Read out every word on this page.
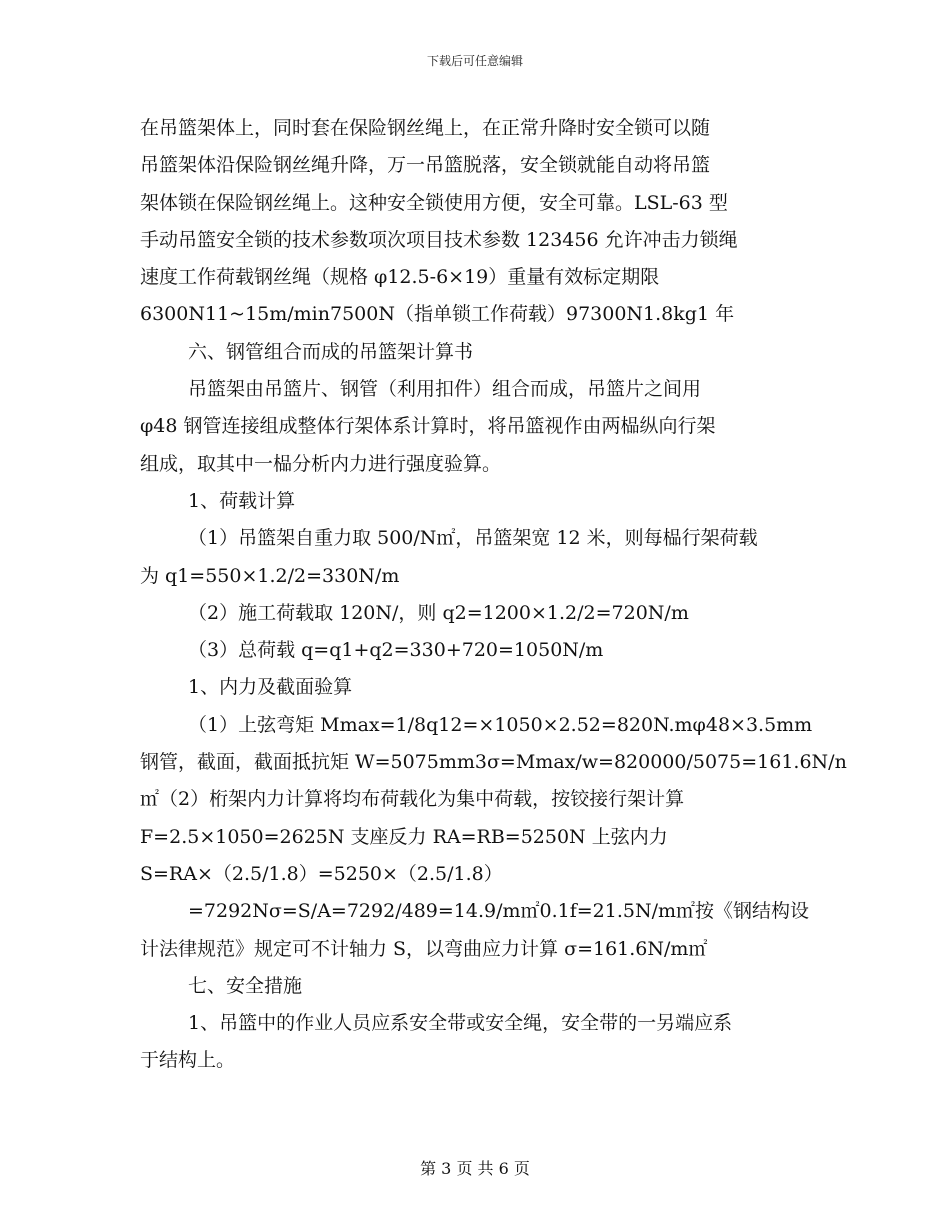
下载后可任意编辑
在吊篮架体上，同时套在保险钢丝绳上，在正常升降时安全锁可以随
吊篮架体沿保险钢丝绳升降，万一吊篮脱落，安全锁就能自动将吊篮
架体锁在保险钢丝绳上。这种安全锁使用方便，安全可靠。LSL-63 型
手动吊篮安全锁的技术参数项次项目技术参数 123456 允许冲击力锁绳
速度工作荷载钢丝绳（规格 φ12.5-6×19）重量有效标定期限
6300N11~15m/min7500N（指单锁工作荷载）97300N1.8kg1 年
六、钢管组合而成的吊篮架计算书
吊篮架由吊篮片、钢管（利用扣件）组合而成，吊篮片之间用
φ48 钢管连接组成整体行架体系计算时，将吊篮视作由两榀纵向行架
组成，取其中一榀分析内力进行强度验算。
1、荷载计算
（1）吊篮架自重力取 500/N㎡，吊篮架宽 12 米，则每榀行架荷载
为 q1=550×1.2/2=330N/m
（2）施工荷载取 120N/，则 q2=1200×1.2/2=720N/m
（3）总荷载 q=q1+q2=330+720=1050N/m
1、内力及截面验算
（1）上弦弯矩 Mmax=1/8q12=×1050×2.52=820N.mφ48×3.5mm
钢管，截面，截面抵抗矩 W=5075mm3σ=Mmax/w=820000/5075=161.6N/n
㎡（2）桁架内力计算将均布荷载化为集中荷载，按铰接行架计算
F=2.5×1050=2625N 支座反力 RA=RB=5250N 上弦内力
S=RA×（2.5/1.8）=5250×（2.5/1.8）
=7292Nσ=S/A=7292/489=14.9/m㎡0.1f=21.5N/m㎡按《钢结构设
计法律规范》规定可不计轴力 S，以弯曲应力计算 σ=161.6N/m㎡
七、安全措施
1、吊篮中的作业人员应系安全带或安全绳，安全带的一另端应系
于结构上。
第 3 页 共 6 页
